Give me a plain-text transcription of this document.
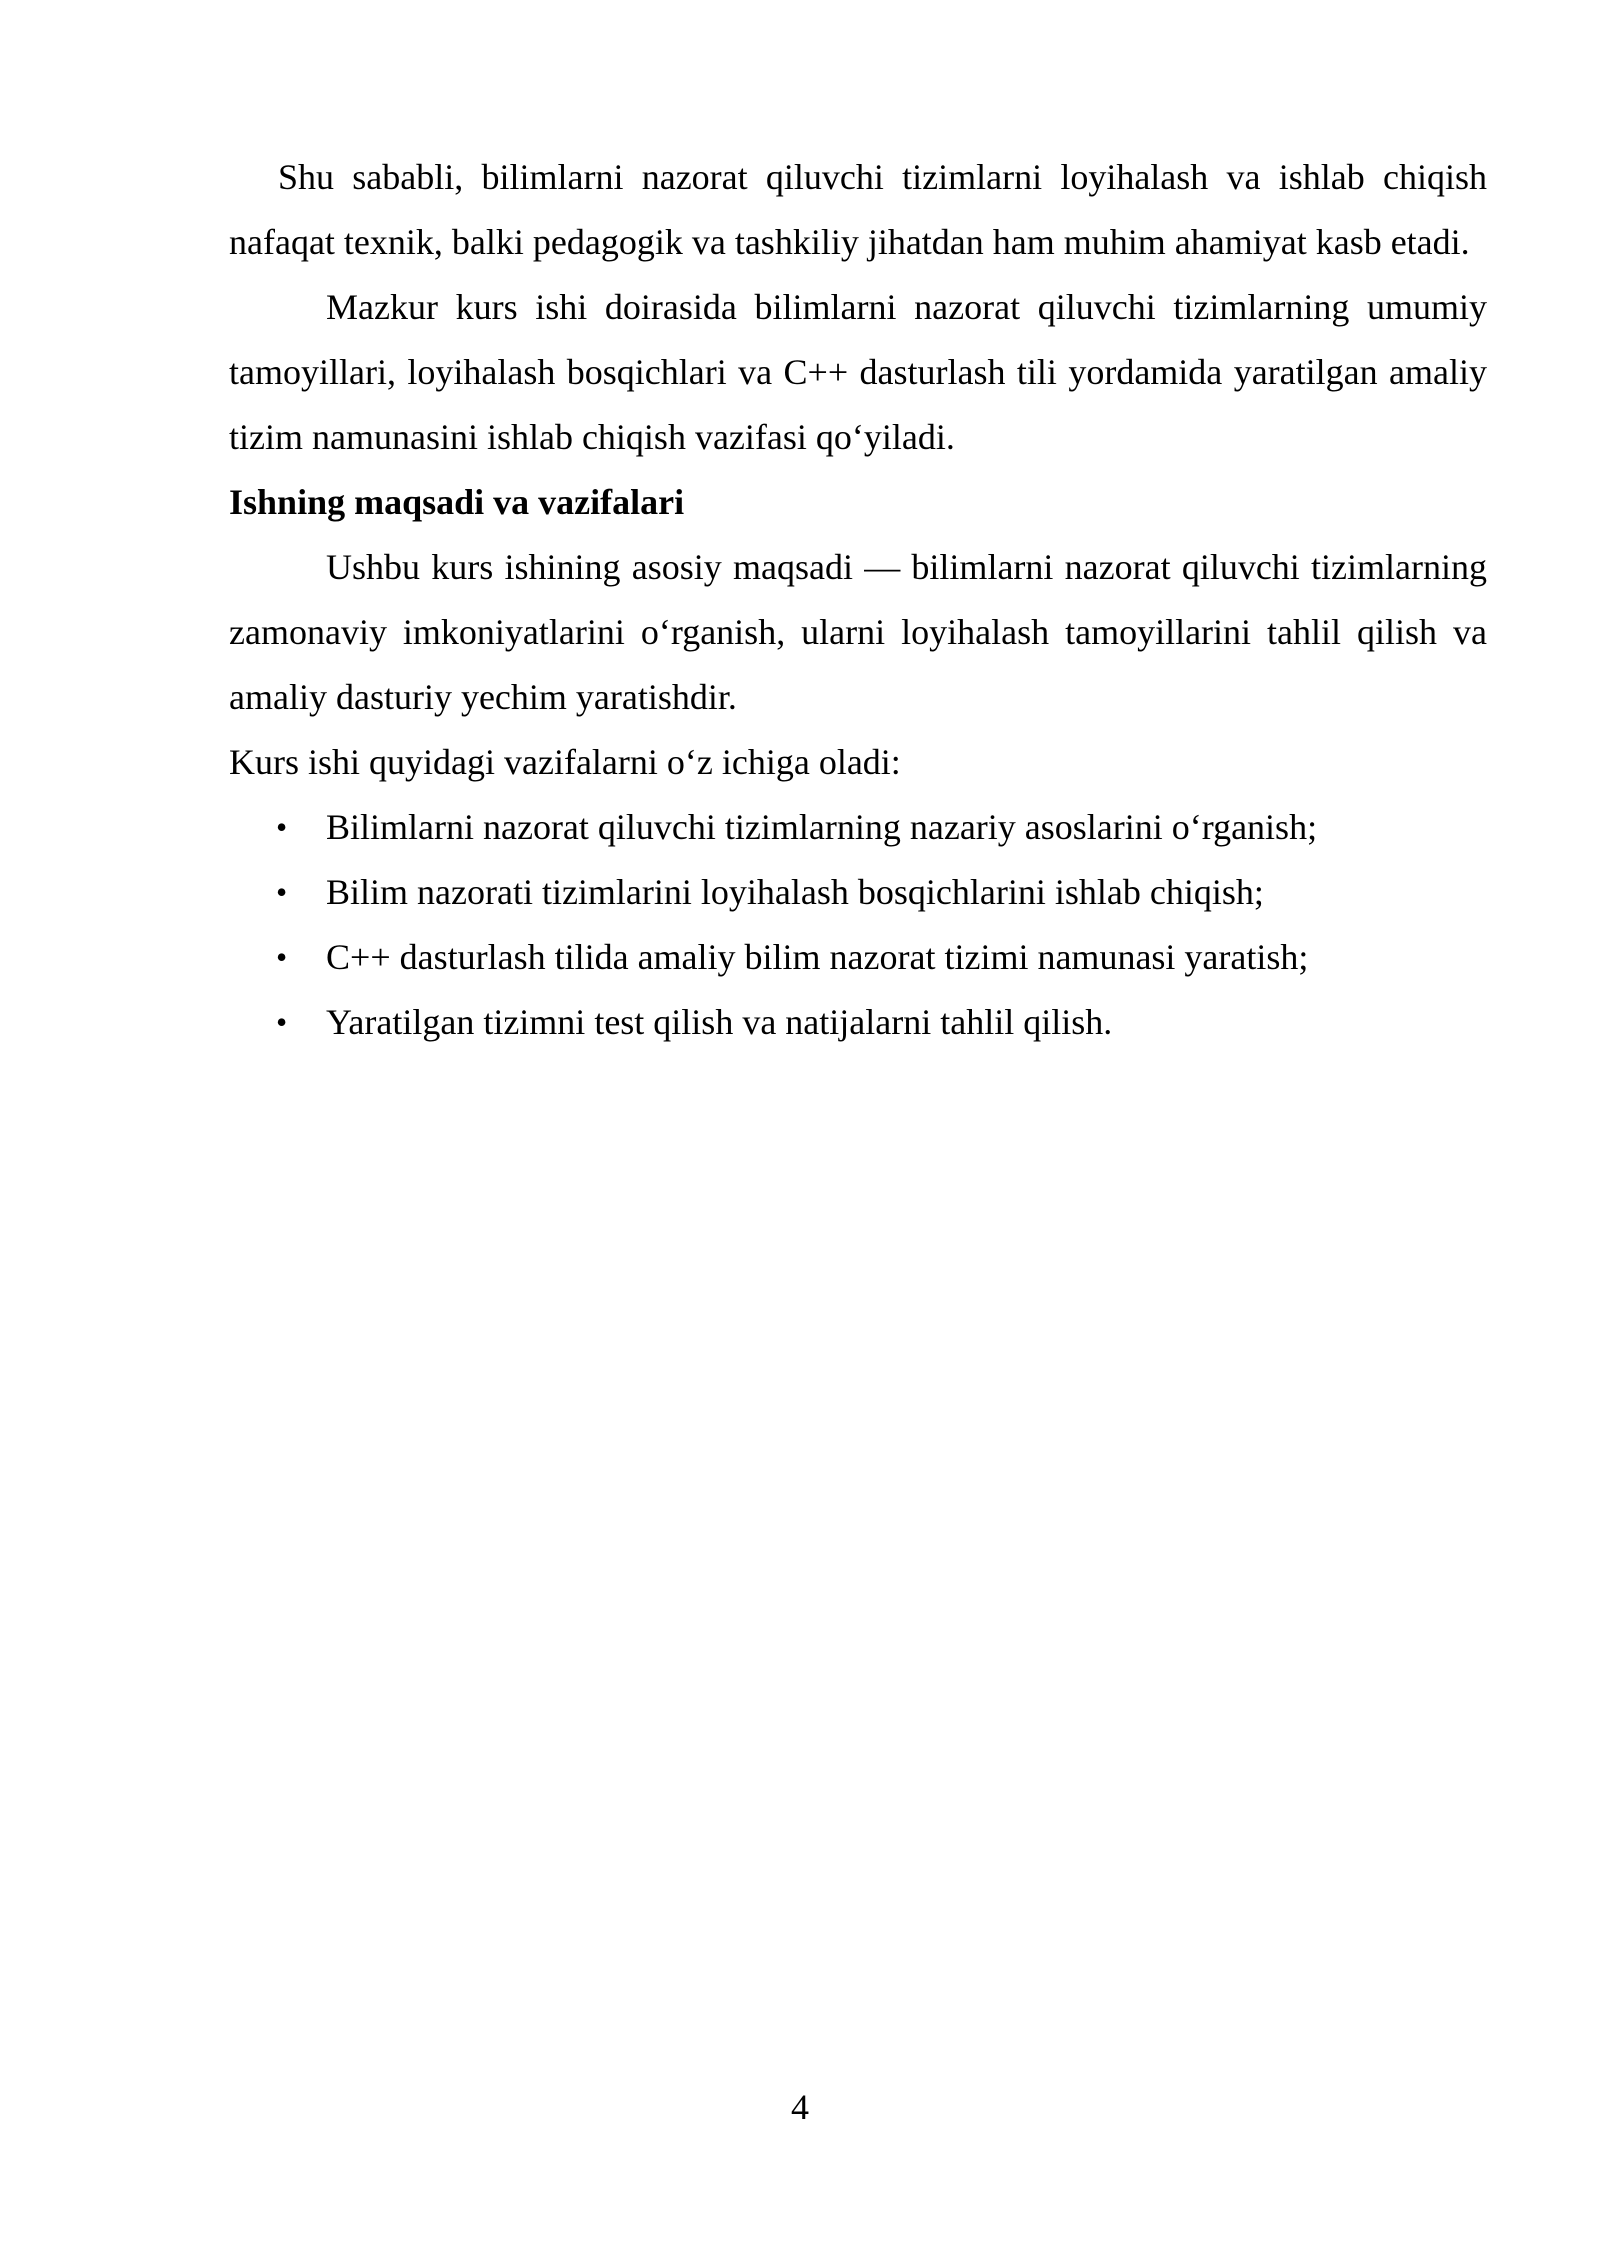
Shu sababli, bilimlarni nazorat qiluvchi tizimlarni loyihalash va ishlab chiqish nafaqat texnik, balki pedagogik va tashkiliy jihatdan ham muhim ahamiyat kasb etadi.

Mazkur kurs ishi doirasida bilimlarni nazorat qiluvchi tizimlarning umumiy tamoyillari, loyihalash bosqichlari va C++ dasturlash tili yordamida yaratilgan amaliy tizim namunasini ishlab chiqish vazifasi qo‘yiladi.

Ishning maqsadi va vazifalari

Ushbu kurs ishining asosiy maqsadi — bilimlarni nazorat qiluvchi tizimlarning zamonaviy imkoniyatlarini o‘rganish, ularni loyihalash tamoyillarini tahlil qilish va amaliy dasturiy yechim yaratishdir.

Kurs ishi quyidagi vazifalarni o‘z ichiga oladi:

• Bilimlarni nazorat qiluvchi tizimlarning nazariy asoslarini o‘rganish;
• Bilim nazorati tizimlarini loyihalash bosqichlarini ishlab chiqish;
• C++ dasturlash tilida amaliy bilim nazorat tizimi namunasi yaratish;
• Yaratilgan tizimni test qilish va natijalarni tahlil qilish.
4
